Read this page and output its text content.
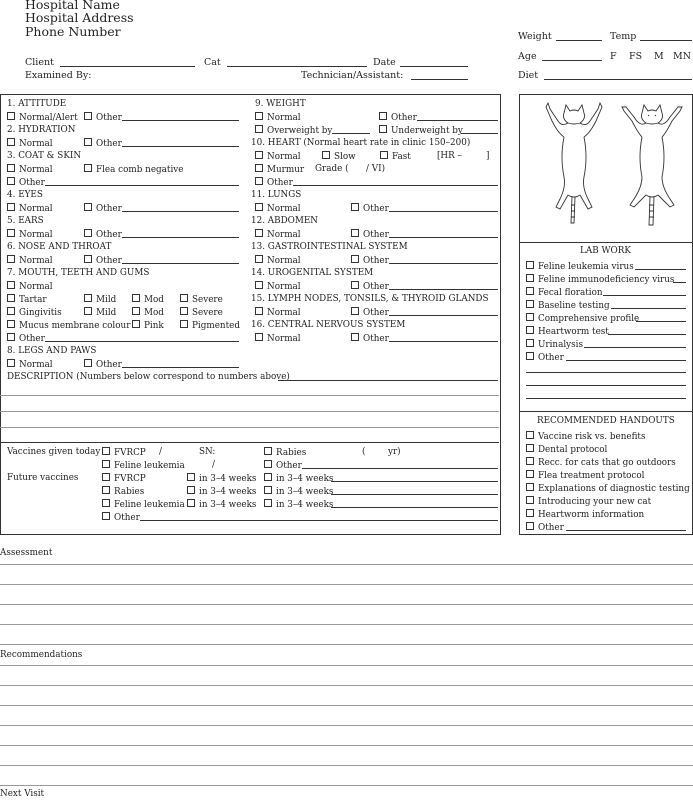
Hospital Name
Hospital Address
Phone Number
Client	Cat	Date
Examined By:	Technician/Assistant:
Weight	Temp
Age	F FS M MN
Diet
1. ATTITUDE
Normal/Alert	Other
2. HYDRATION
Normal	Other
3. COAT & SKIN
Normal	Flea comb negative
Other
4. EYES
Normal	Other
5. EARS
Normal	Other
6. NOSE AND THROAT
Normal	Other
7. MOUTH, TEETH AND GUMS
Normal
Tartar	Mild	Mod	Severe
Gingivitis	Mild	Mod	Severe
Mucus membrane colour	Pink	Pigmented
Other
8. LEGS AND PAWS
Normal	Other
9. WEIGHT
Normal	Other
Overweight by	Underweight by
10. HEART (Normal heart rate in clinic 150–200)
Normal	Slow	Fast	[HR –	]
Murmur Grade ( / VI)
Other
11. LUNGS
Normal	Other
12. ABDOMEN
Normal	Other
13. GASTROINTESTINAL SYSTEM
Normal	Other
14. UROGENITAL SYSTEM
Normal	Other
15. LYMPH NODES, TONSILS, & THYROID GLANDS
Normal	Other
16. CENTRAL NERVOUS SYSTEM
Normal	Other
DESCRIPTION (Numbers below correspond to numbers above)
Vaccines given today	FVRCP /	SN:	Rabies	(	yr)
Feline leukemia	/	Other
Future vaccines	FVRCP	in 3–4 weeks	in 3–4 weeks
Rabies	in 3–4 weeks	in 3–4 weeks
Feline leukemia	in 3–4 weeks	in 3–4 weeks
Other
LAB WORK
Feline leukemia virus
Feline immunodeficiency virus
Fecal floration
Baseline testing
Comprehensive profile
Heartworm test
Urinalysis
Other
RECOMMENDED HANDOUTS
Vaccine risk vs. benefits
Dental protocol
Recc. for cats that go outdoors
Flea treatment protocol
Explanations of diagnostic testing
Introducing your new cat
Heartworm information
Other
Assessment
Recommendations
Next Visit
